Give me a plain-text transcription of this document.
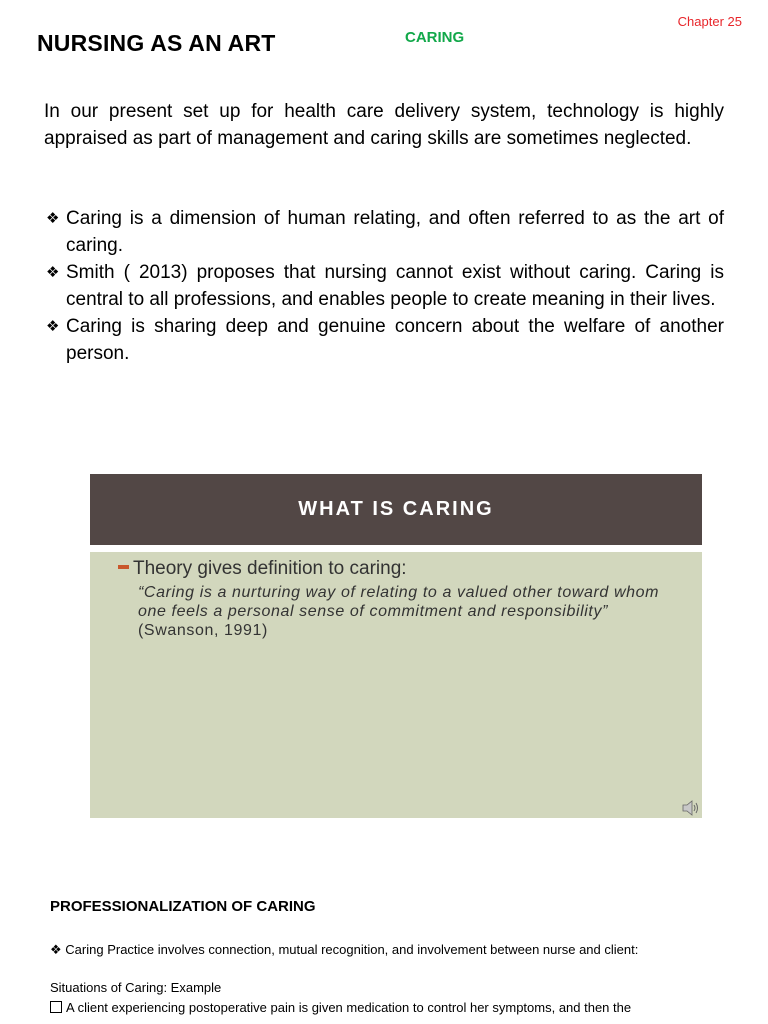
Chapter 25
NURSING AS AN ART	CARING

In our present set up for health care delivery system, technology is highly appraised as part of management and caring skills are sometimes neglected.

❖ Caring is a dimension of human relating, and often referred to as the art of caring.
❖ Smith ( 2013) proposes that nursing cannot exist without caring. Caring is central to all professions, and enables people to create meaning in their lives.
❖ Caring is sharing deep and genuine concern about the welfare of another person.
WHAT IS CARING
Theory gives definition to caring:
“Caring is a nurturing way of relating to a valued other toward whom one feels a personal sense of commitment and responsibility” (Swanson, 1991)
PROFESSIONALIZATION OF CARING
❖ Caring Practice involves connection, mutual recognition, and involvement between nurse and client:
Situations of Caring: Example
A client experiencing postoperative pain is given medication to control her symptoms, and then the
